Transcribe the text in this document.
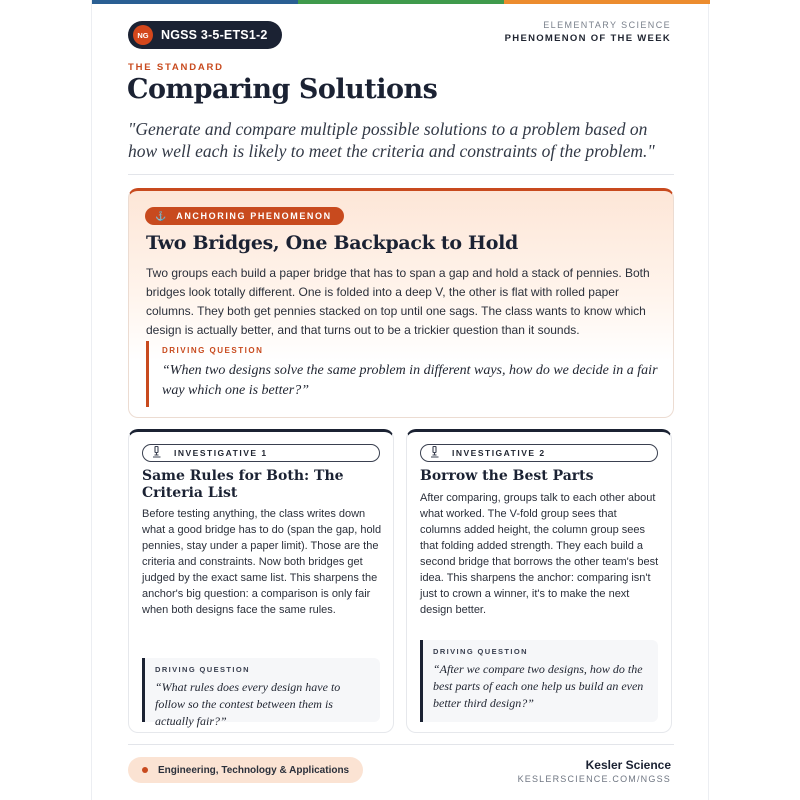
NG NGSS 3-5-ETS1-2
ELEMENTARY SCIENCE
PHENOMENON OF THE WEEK
THE STANDARD
Comparing Solutions

"Generate and compare multiple possible solutions to a problem based on how well each is likely to meet the criteria and constraints of the problem."

⚓ ANCHORING PHENOMENON
Two Bridges, One Backpack to Hold

Two groups each build a paper bridge that has to span a gap and hold a stack of pennies. Both bridges look totally different. One is folded into a deep V, the other is flat with rolled paper columns. They both get pennies stacked on top until one sags. The class wants to know which design is actually better, and that turns out to be a trickier question than it sounds.

DRIVING QUESTION
“When two designs solve the same problem in different ways, how do we decide in a fair way which one is better?”
INVESTIGATIVE 1
Same Rules for Both: The Criteria List

Before testing anything, the class writes down what a good bridge has to do (span the gap, hold pennies, stay under a paper limit). Those are the criteria and constraints. Now both bridges get judged by the exact same list. This sharpens the anchor's big question: a comparison is only fair when both designs face the same rules.

DRIVING QUESTION
“What rules does every design have to follow so the contest between them is actually fair?”
INVESTIGATIVE 2
Borrow the Best Parts

After comparing, groups talk to each other about what worked. The V-fold group sees that columns added height, the column group sees that folding added strength. They each build a second bridge that borrows the other team's best idea. This sharpens the anchor: comparing isn't just to crown a winner, it's to make the next design better.

DRIVING QUESTION
“After we compare two designs, how do the best parts of each one help us build an even better third design?”
Engineering, Technology & Applications	Kesler Science
KESLERSCIENCE.COM/NGSS
